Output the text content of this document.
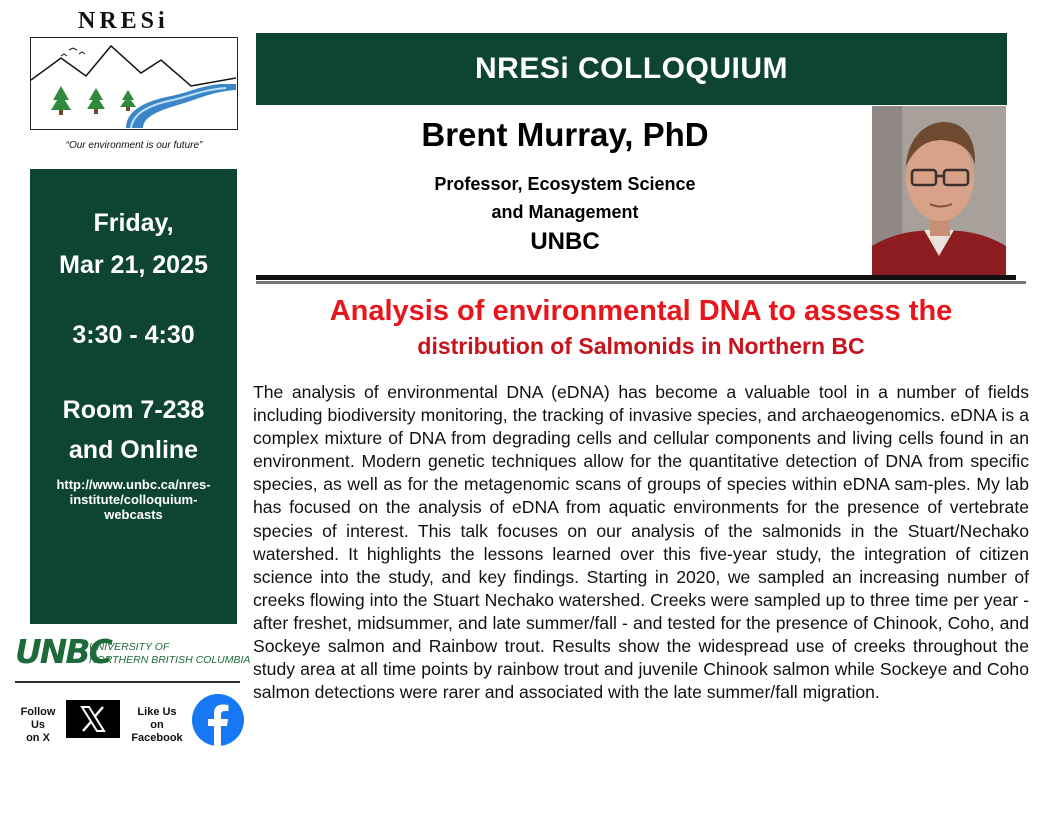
NRESi
“Our environment is our future”
NRESi COLLOQUIUM
Brent Murray, PhD
Professor, Ecosystem Science
and Management
UNBC
Analysis of environmental DNA to assess the
distribution of Salmonids in Northern BC
The analysis of environmental DNA (eDNA) has become a valuable tool in a number of fields including biodiversity monitoring, the tracking of invasive species, and archaeogenomics. eDNA is a complex mixture of DNA from degrading cells and cellular components and living cells found in an environment. Modern genetic techniques allow for the quantitative detection of DNA from specific species, as well as for the metagenomic scans of groups of species within eDNA sam-ples. My lab has focused on the analysis of eDNA from aquatic environments for the presence of vertebrate species of interest. This talk focuses on our analysis of the salmonids in the Stuart/Nechako watershed. It highlights the lessons learned over this five-year study, the integration of citizen science into the study, and key findings. Starting in 2020, we sampled an increasing number of creeks flowing into the Stuart Nechako watershed. Creeks were sampled up to three time per year - after freshet, midsummer, and late summer/fall - and tested for the presence of Chinook, Coho, and Sockeye salmon and Rainbow trout. Results show the widespread use of creeks throughout the study area at all time points by rainbow trout and juvenile Chinook salmon while Sockeye and Coho salmon detections were rarer and associated with the late summer/fall migration.
Friday,
Mar 21, 2025
3:30 - 4:30
Room 7-238
and Online
http://www.unbc.ca/nres-
institute/colloquium-
webcasts
UNBC
UNIVERSITY OF
NORTHERN BRITISH COLUMBIA
Follow
Us
on X
Like Us
on
Facebook
